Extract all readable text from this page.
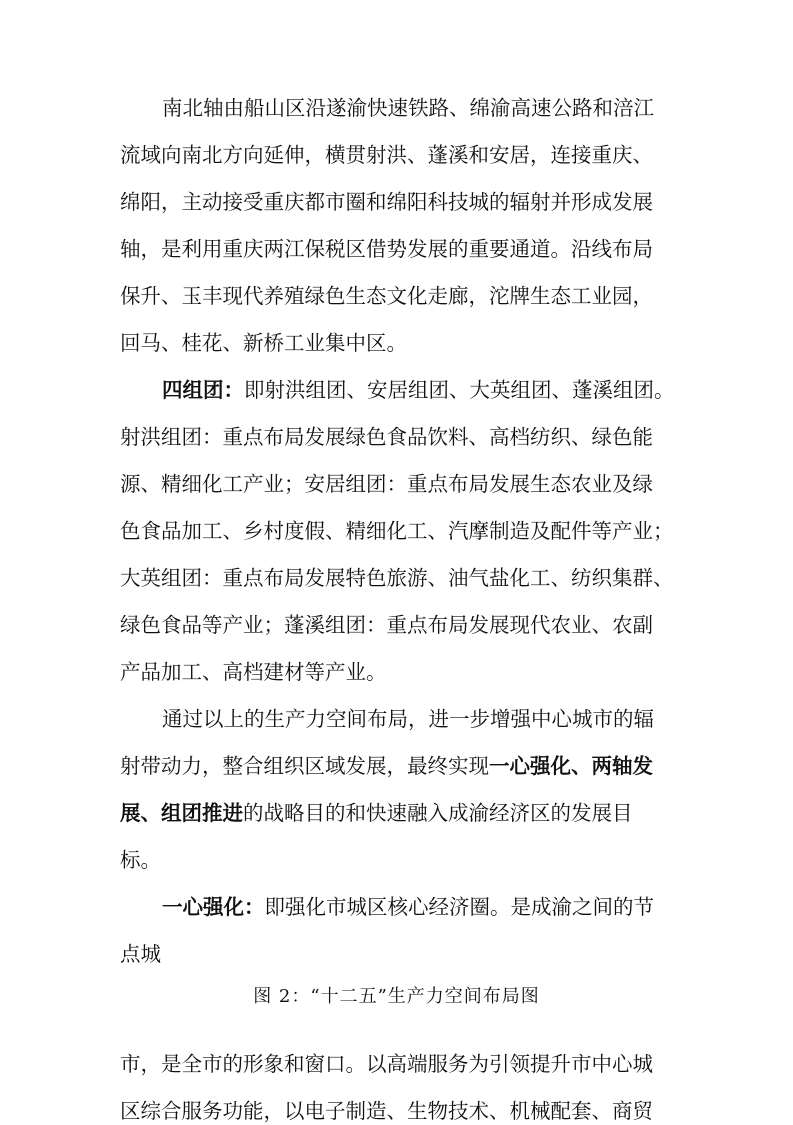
南北轴由船山区沿遂渝快速铁路、绵渝高速公路和涪江
流域向南北方向延伸，横贯射洪、蓬溪和安居，连接重庆、
绵阳，主动接受重庆都市圈和绵阳科技城的辐射并形成发展
轴，是利用重庆两江保税区借势发展的重要通道。沿线布局
保升、玉丰现代养殖绿色生态文化走廊，沱牌生态工业园，
回马、桂花、新桥工业集中区。
四组团：即射洪组团、安居组团、大英组团、蓬溪组团。
射洪组团：重点布局发展绿色食品饮料、高档纺织、绿色能
源、精细化工产业；安居组团：重点布局发展生态农业及绿
色食品加工、乡村度假、精细化工、汽摩制造及配件等产业；
大英组团：重点布局发展特色旅游、油气盐化工、纺织集群、
绿色食品等产业；蓬溪组团：重点布局发展现代农业、农副
产品加工、高档建材等产业。
通过以上的生产力空间布局，进一步增强中心城市的辐
射带动力，整合组织区域发展，最终实现一心强化、两轴发
展、组团推进的战略目的和快速融入成渝经济区的发展目
标。
一心强化：即强化市城区核心经济圈。是成渝之间的节
点城
图 2：“十二五”生产力空间布局图
市，是全市的形象和窗口。以高端服务为引领提升市中心城
区综合服务功能，以电子制造、生物技术、机械配套、商贸
